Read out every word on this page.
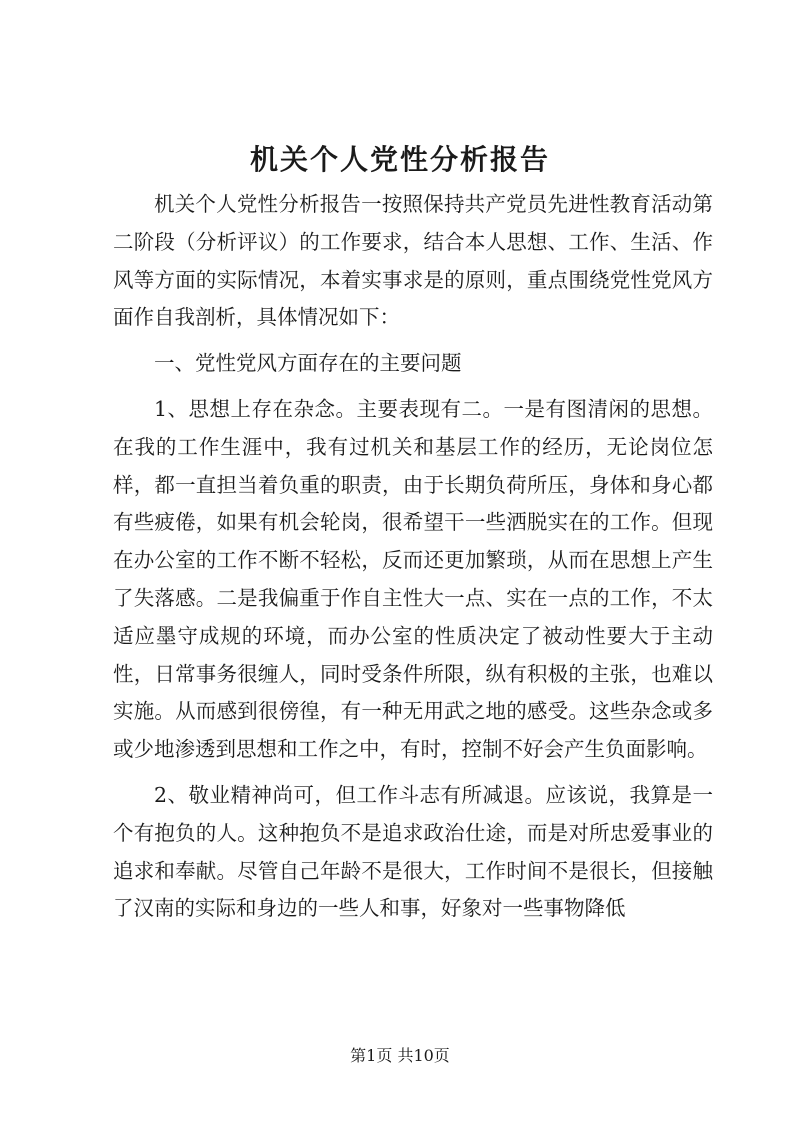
机关个人党性分析报告

机关个人党性分析报告一按照保持共产党员先进性教育活动第二阶段（分析评议）的工作要求，结合本人思想、工作、生活、作风等方面的实际情况，本着实事求是的原则，重点围绕党性党风方面作自我剖析，具体情况如下：

一、党性党风方面存在的主要问题

1、思想上存在杂念。主要表现有二。一是有图清闲的思想。在我的工作生涯中，我有过机关和基层工作的经历，无论岗位怎样，都一直担当着负重的职责，由于长期负荷所压，身体和身心都有些疲倦，如果有机会轮岗，很希望干一些洒脱实在的工作。但现在办公室的工作不断不轻松，反而还更加繁琐，从而在思想上产生了失落感。二是我偏重于作自主性大一点、实在一点的工作，不太适应墨守成规的环境，而办公室的性质决定了被动性要大于主动性，日常事务很缠人，同时受条件所限，纵有积极的主张，也难以实施。从而感到很傍徨，有一种无用武之地的感受。这些杂念或多或少地渗透到思想和工作之中，有时，控制不好会产生负面影响。

2、敬业精神尚可，但工作斗志有所减退。应该说，我算是一个有抱负的人。这种抱负不是追求政治仕途，而是对所忠爱事业的追求和奉献。尽管自己年龄不是很大，工作时间不是很长，但接触了汉南的实际和身边的一些人和事，好象对一些事物降低

第1页 共10页
